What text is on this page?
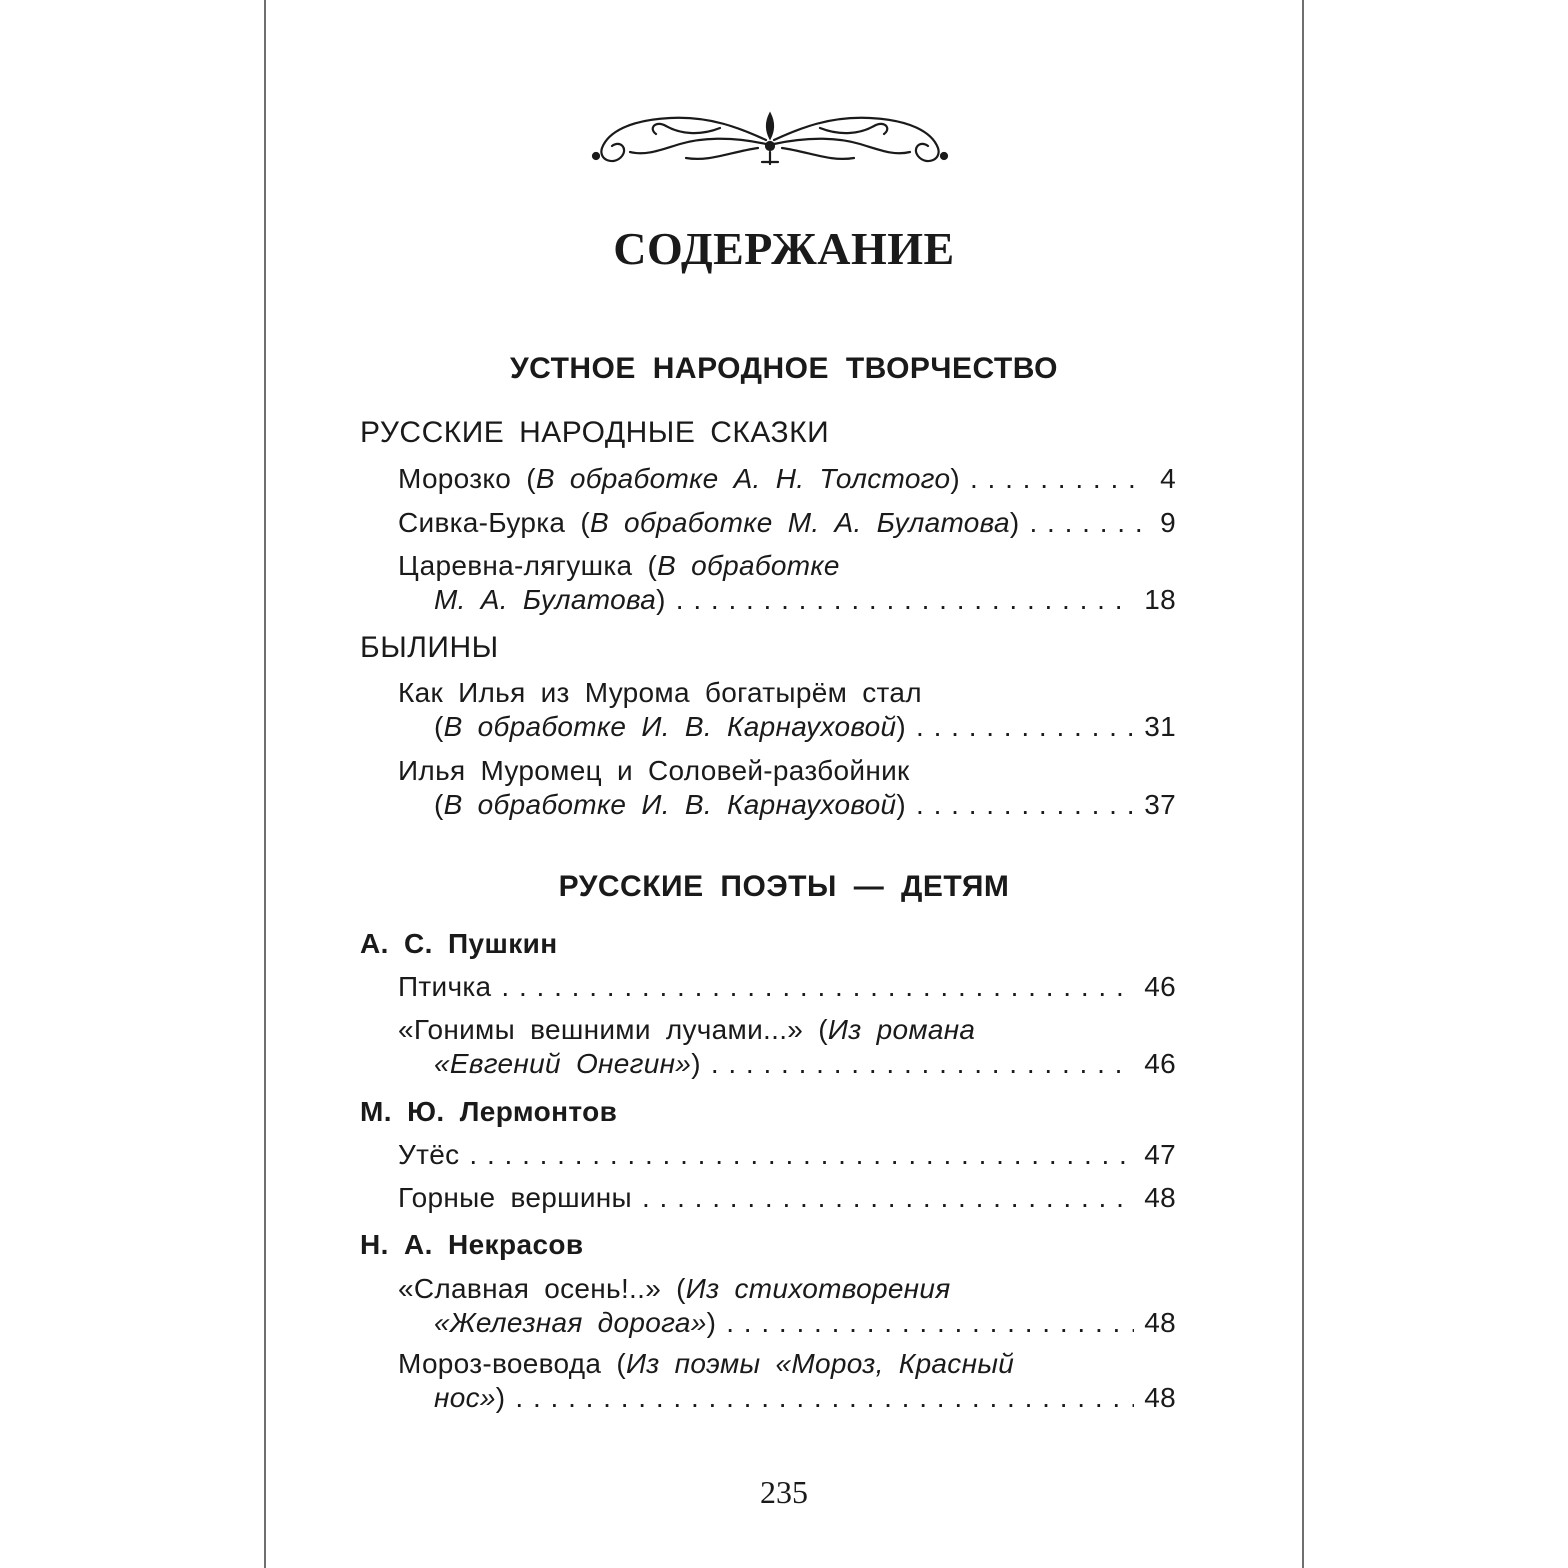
СОДЕРЖАНИЕ
УСТНОЕ НАРОДНОЕ ТВОРЧЕСТВО
РУССКИЕ НАРОДНЫЕ СКАЗКИ
Морозко ( В обработке А. Н. Толстого ) . . .	4
Сивка-Бурка ( В обработке М. А. Булатова ) . . .	9
Царевна-лягушка ( В обработке
М. А. Булатова ) . . .	18
БЫЛИНЫ
Как Илья из Мурома богатырём стал
( В обработке И. В. Карнауховой ) . . .	31
Илья Муромец и Соловей-разбойник
( В обработке И. В. Карнауховой ) . . .	37
РУССКИЕ ПОЭТЫ — ДЕТЯМ
А. С. Пушкин
Птичка . . .	46
«Гонимы вешними лучами...» ( Из романа
«Евгений Онегин» ) . . .	46
М. Ю. Лермонтов
Утёс . . .	47
Горные вершины . . .	48
Н. А. Некрасов
«Славная осень!..» ( Из стихотворения
«Железная дорога» ) . . .	48
Мороз-воевода ( Из поэмы «Мороз, Красный
нос» ) . . .	48
235
